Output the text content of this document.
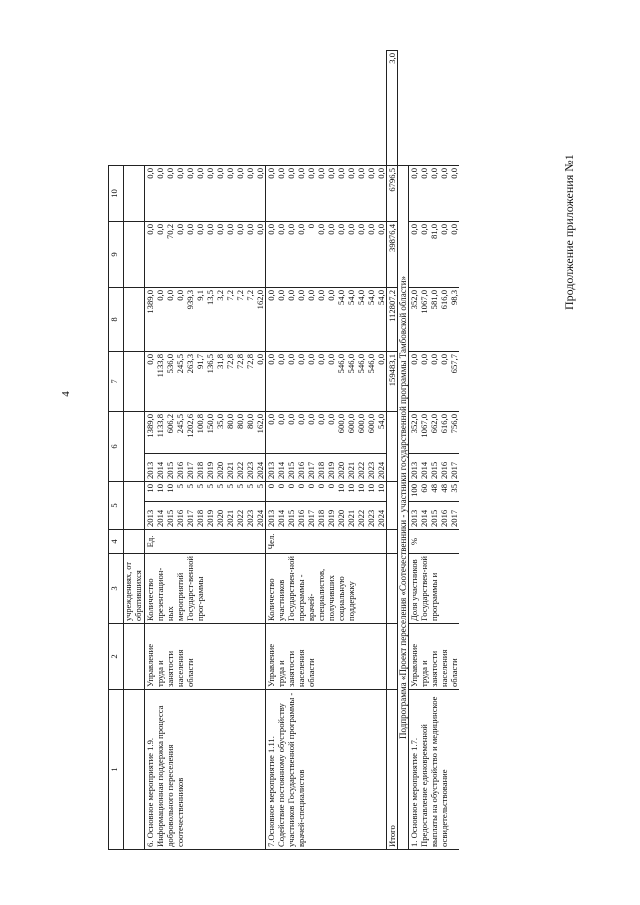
4
Продолжение приложения №1
1	2	3	4	5		6		7	8	9	10	
		учреждениях, от обратившихся										
6. Основное мероприятие 1.9. Информационная поддержка процесса добровольного переселения соотечественников	Управление труда и занятости населения области	Количество презентацион-ных мероприятий Государст-венной прог-раммы	Ед.	2013	10	2013	1389,0	0,0	1389,0	0,0	0,0	
				2014	10	2014	1133,8	1133,8	0,0	0,0	0,0	
				2015	10	2015	606,2	536,0	0,0	70,2	0,0	
				2016	5	2016	245,5	245,5	0,0	0,0	0,0	
				2017	5	2017	1202,6	263,3	939,3	0,0	0,0	
				2018	5	2018	100,8	91,7	9,1	0,0	0,0	
				2019	5	2019	150,0	136,5	13,5	0,0	0,0	
				2020	5	2020	35,0	31,8	3,2	0,0	0,0	
				2021	5	2021	80,0	72,8	7,2	0,0	0,0	
				2022	5	2022	80,0	72,8	7,2	0,0	0,0	
				2023	5	2023	80,0	72,8	7,2	0,0	0,0	
				2024	5	2024	162,0	0,0	162,0	0,0	0,0	
7.Основное мероприятие 1.11. Содействие постоянному обустройству участников Государственной программы - врачей-специалистов	Управление труда и занятости населения области	Количество участников Государствен-ной программы - врачей-специалистов, получивших социальную поддержку	Чел.	2013	0	2013	0,0	0,0	0,0	0,0	0,0	
				2014	0	2014	0,0	0,0	0,0	0,0	0,0	
				2015	0	2015	0,0	0,0	0,0	0,0	0,0	
				2016	0	2016	0,0	0,0	0,0	0,0	0,0	
				2017	0	2017	0,0	0,0	0,0	0	0,0	
				2018	0	2018	0,0	0,0	0,0	0,0	0,0	
				2019	0	2019	0,0	0,0	0,0	0,0	0,0	
				2020	10	2020	600,0	546,0	54,0	0,0	0,0	
				2021	10	2021	600,0	546,0	54,0	0,0	0,0	
				2022	10	2022	600,0	546,0	54,0	0,0	0,0	
				2023	10	2023	600,0	546,0	54,0	0,0	0,0	
				2024	10	2024	54,0	0,0	54,0	0,0	0,0	
Итого								159483,1	112807,2	39876,4	6796,5	3,0
Подпрограмма «Проект переселения «Соотечественники - участники государственной программы Тамбовской области»												
1. Основное мероприятие 1.7. Предоставление единовременной выплаты на обустройство и медицинское освидетельствование	Управление труда и занятости населения области	Доля участников Государствен-ной программы и	%	2013	100	2013	352,0	0,0	352,0	0,0	0,0	
				2014	60	2014	1067,0	0,0	1067,0	0,0	0,0	
				2015	48	2015	662,0	0,0	581,0	81,0	0,0	
				2016	48	2016	616,0	0,0	616,0	0,0	0,0	
				2017	35	2017	756,0	657,7	98,3	0,0	0,0	
